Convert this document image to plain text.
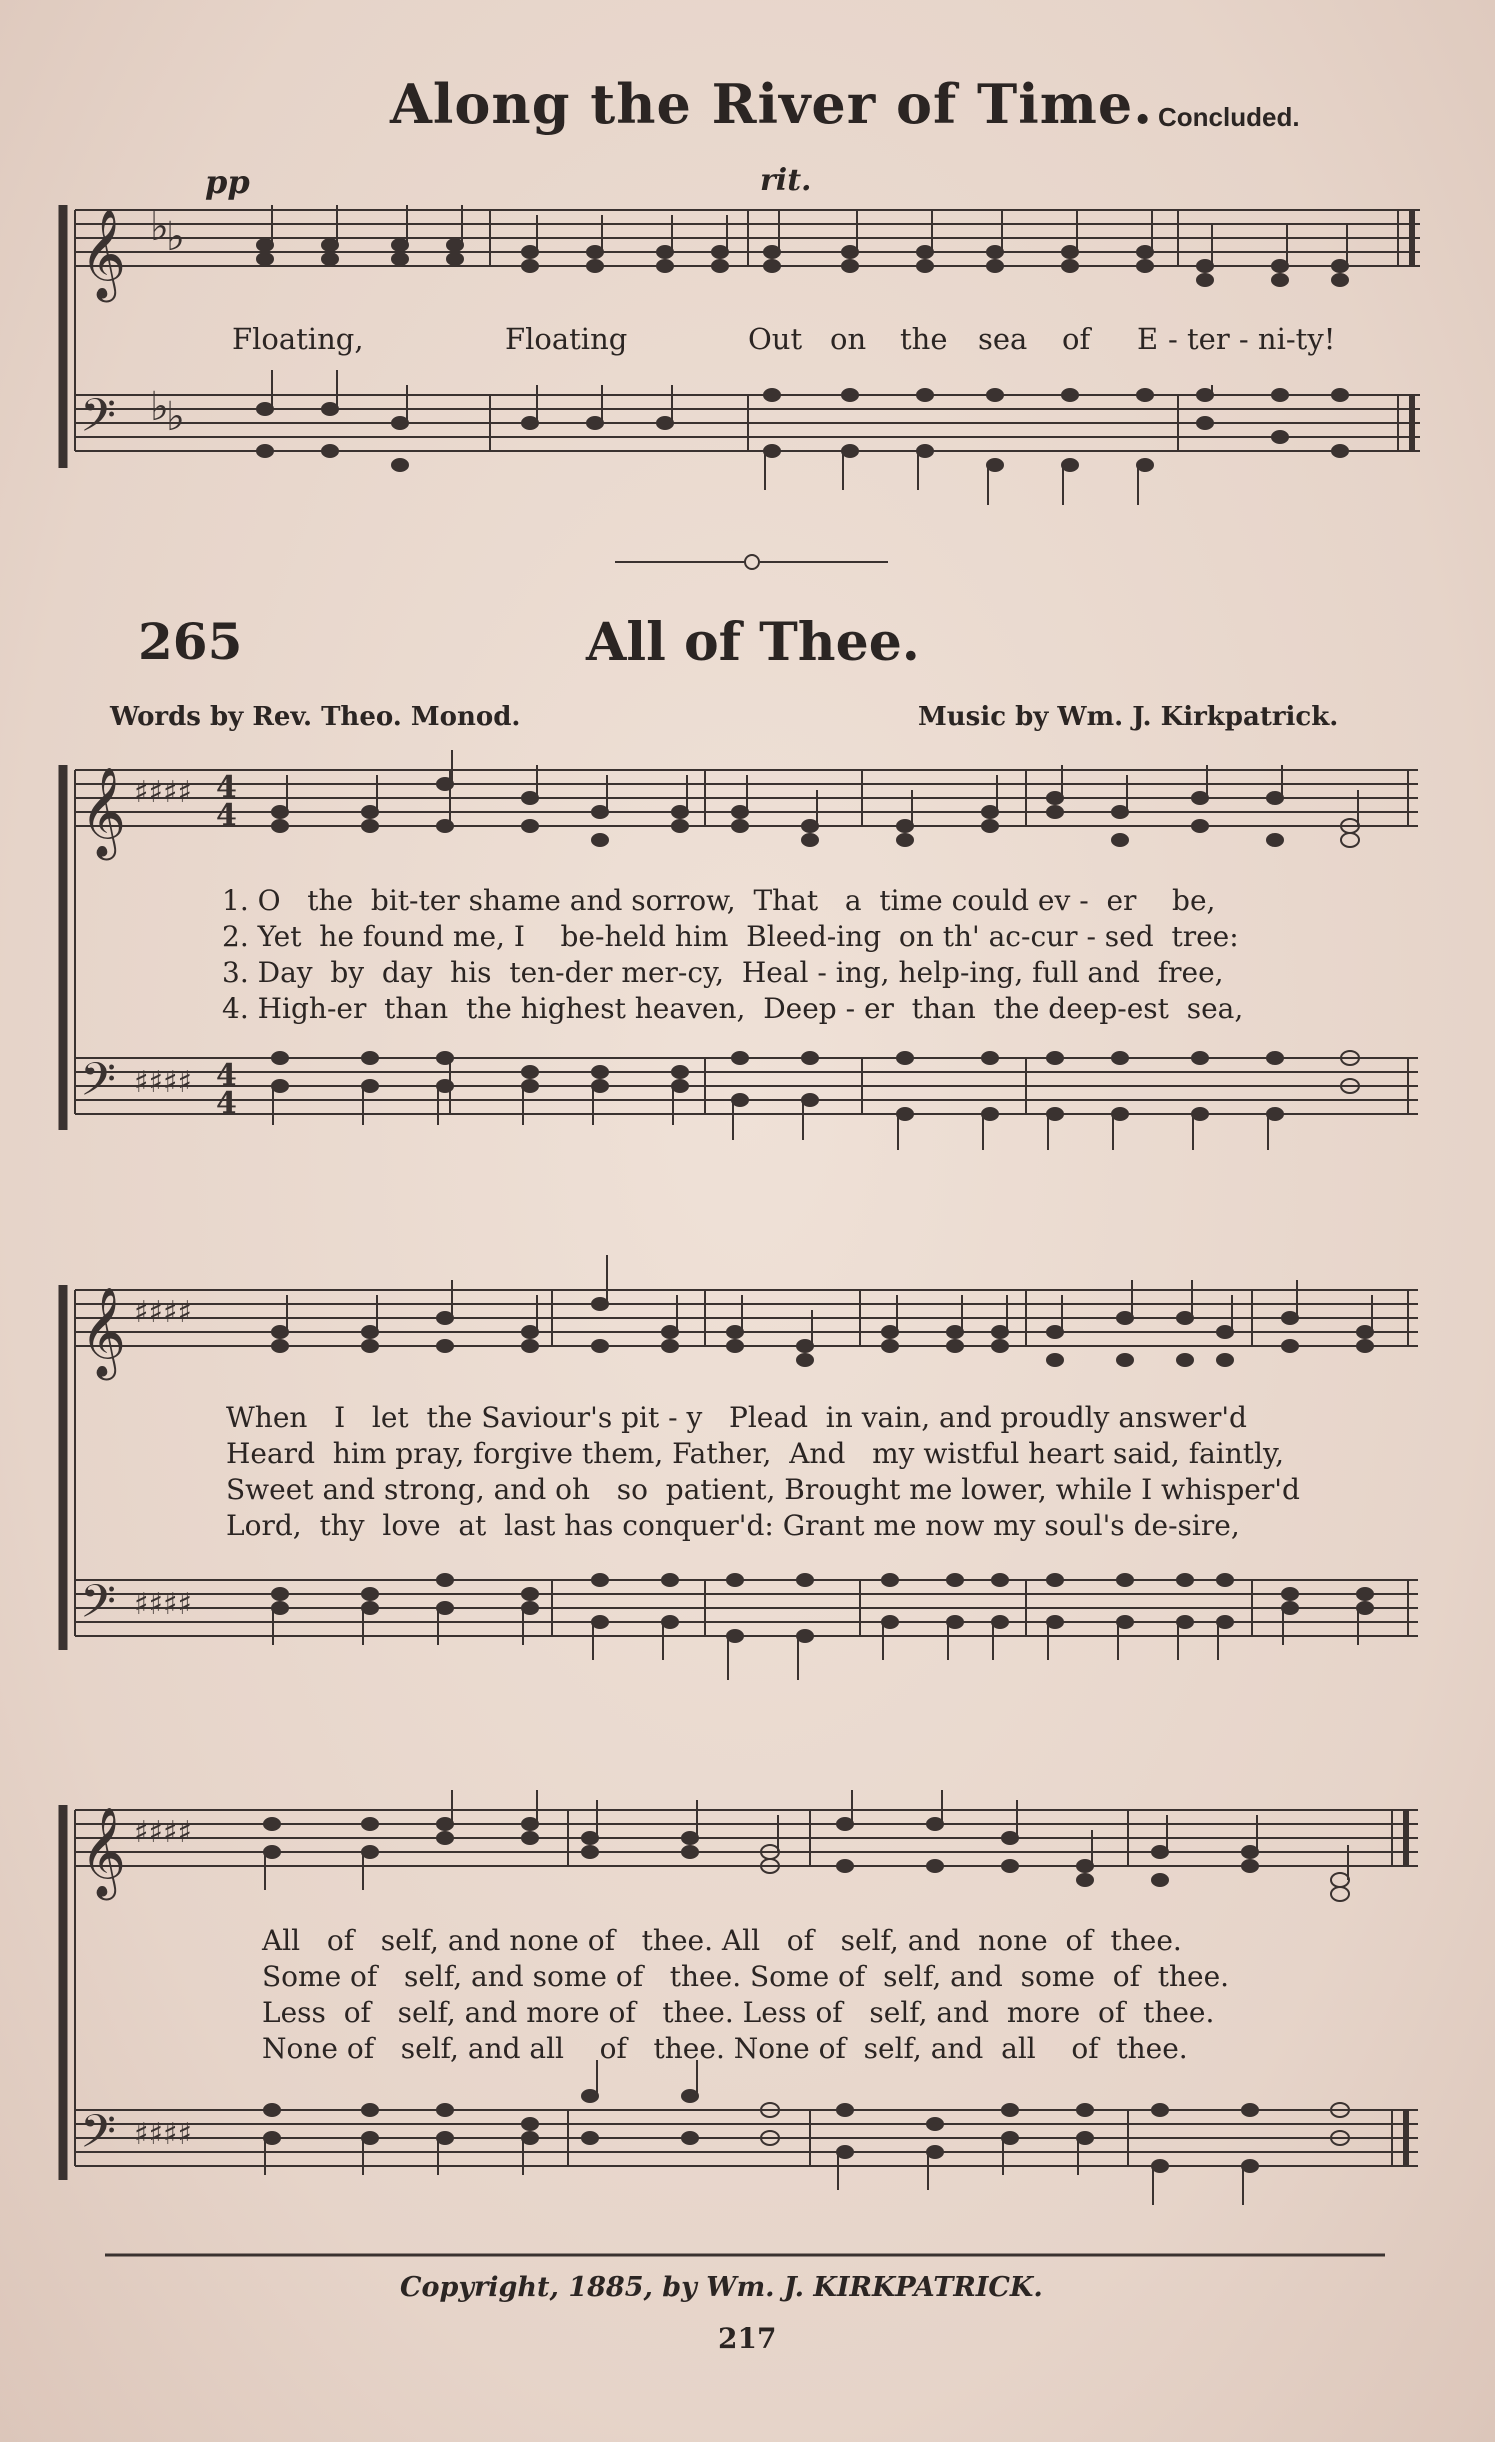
𝄞
𝄢
♭
♭
♭
♭
𝄞
𝄢
♯♯♯♯
♯♯♯♯
4
4
4
4
𝄞
𝄢
♯♯♯♯
♯♯♯♯
𝄞
𝄢
♯♯♯♯
♯♯♯♯
Along the River of Time. Concluded.
pp	rit.
Floating,	Floating	Out on the sea of E - ter - ni-ty!
265	All of Thee.
Words by Rev. Theo. Monod.	Music by Wm. J. Kirkpatrick.
1. O   the  bit-ter shame and sorrow,  That   a  time could ev -  er    be,
2. Yet  he found me, I    be-held him  Bleed-ing  on th' ac-cur - sed  tree:
3. Day  by  day  his  ten-der mer-cy,  Heal - ing, help-ing, full and  free,
4. High-er  than  the highest heaven,  Deep - er  than  the deep-est  sea,
When   I   let  the Saviour's pit - y   Plead  in vain, and proudly answer'd
Heard  him pray, forgive them, Father,  And   my wistful heart said, faintly,
Sweet and strong, and oh   so  patient, Brought me lower, while I whisper'd
Lord,  thy  love  at  last has conquer'd: Grant me now my soul's de-sire,
All   of   self, and none of   thee. All   of   self, and  none  of  thee.
Some of   self, and some of   thee. Some of  self, and  some  of  thee.
Less  of   self, and more of   thee. Less of   self, and  more  of  thee.
None of   self, and all    of   thee. None of  self, and  all    of  thee.
Copyright, 1885, by Wm. J. KIRKPATRICK.
217
